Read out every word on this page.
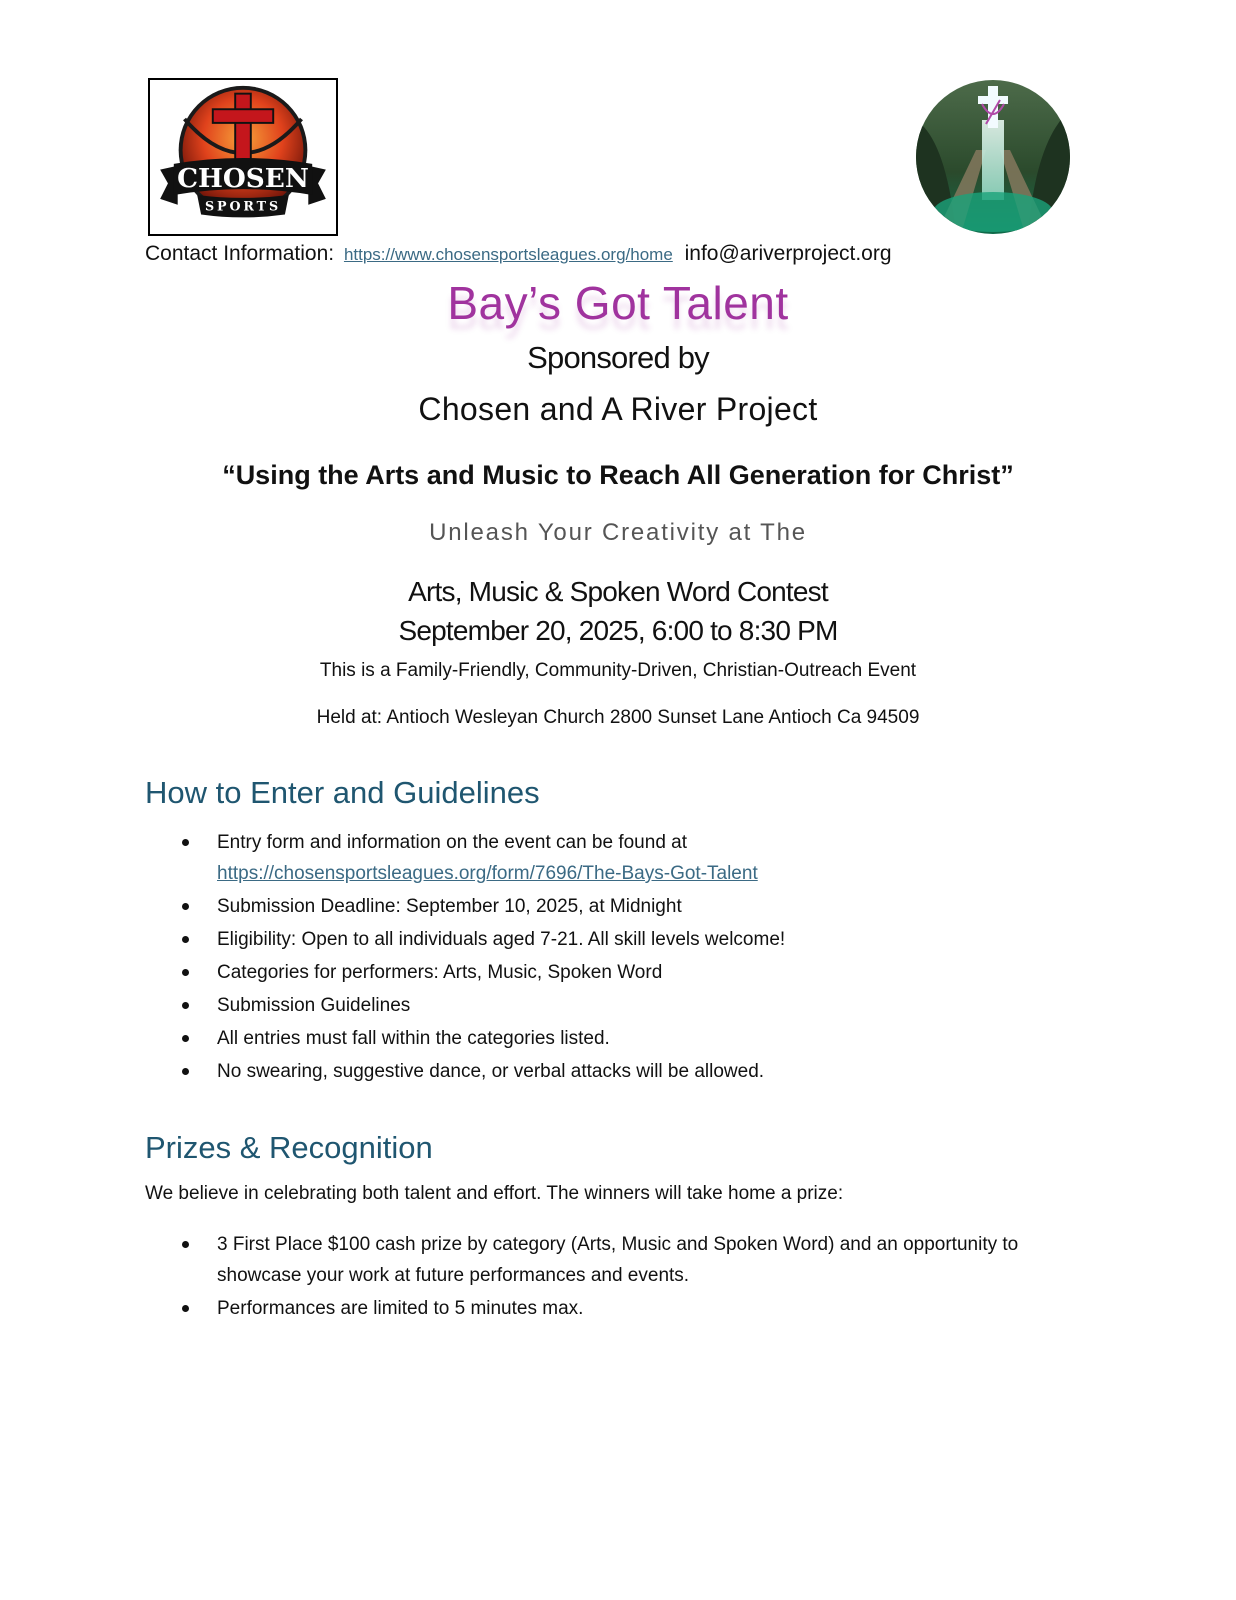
CHOSEN
SPORTS
Contact Information: https://www.chosensportsleagues.org/home info@ariverproject.org
Bay’s Got Talent
Sponsored by
Chosen and A River Project
“Using the Arts and Music to Reach All Generation for Christ”
Unleash Your Creativity at The
Arts, Music & Spoken Word Contest
September 20, 2025, 6:00 to 8:30 PM
This is a Family-Friendly, Community-Driven, Christian-Outreach Event
Held at: Antioch Wesleyan Church 2800 Sunset Lane Antioch Ca 94509
How to Enter and Guidelines
Entry form and information on the event can be found at
https://chosensportsleagues.org/form/7696/The-Bays-Got-Talent
Submission Deadline: September 10, 2025, at Midnight
Eligibility: Open to all individuals aged 7-21. All skill levels welcome!
Categories for performers: Arts, Music, Spoken Word
Submission Guidelines
All entries must fall within the categories listed.
No swearing, suggestive dance, or verbal attacks will be allowed.
Prizes & Recognition
We believe in celebrating both talent and effort. The winners will take home a prize:
3 First Place $100 cash prize by category (Arts, Music and Spoken Word) and an opportunity to showcase your work at future performances and events.
Performances are limited to 5 minutes max.
